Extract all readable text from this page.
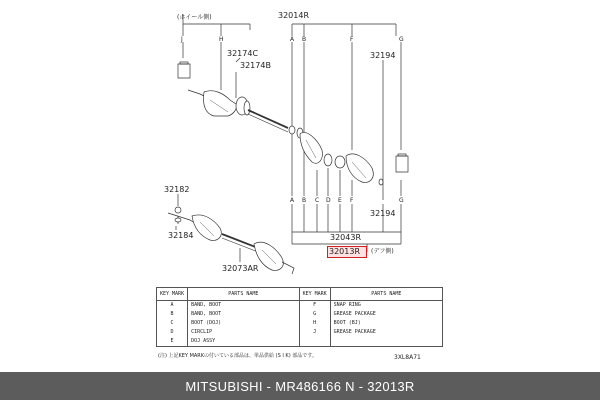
(ホイール側)	32014R
32174C
32174B
32194
32194
32182
32184
32073AR
32043R
32013R (デフ側)
J	H	A B	F	G
A B C D E F	G
KEY MARK	PARTS NAME	KEY MARK	PARTS NAME
A	BAND, BOOT	F	SNAP RING
B	BAND, BOOT	G	GREASE PACKAGE
C	BOOT (DOJ)	H	BOOT (BJ)
D	CIRCLIP	J	GREASE PACKAGE
E	DOJ ASSY		
(注) 上記KEY MARKの付いている部品は、単品供給 (S I K) 部品です。	3XL8A71
MITSUBISHI - MR486166 N - 32013R
